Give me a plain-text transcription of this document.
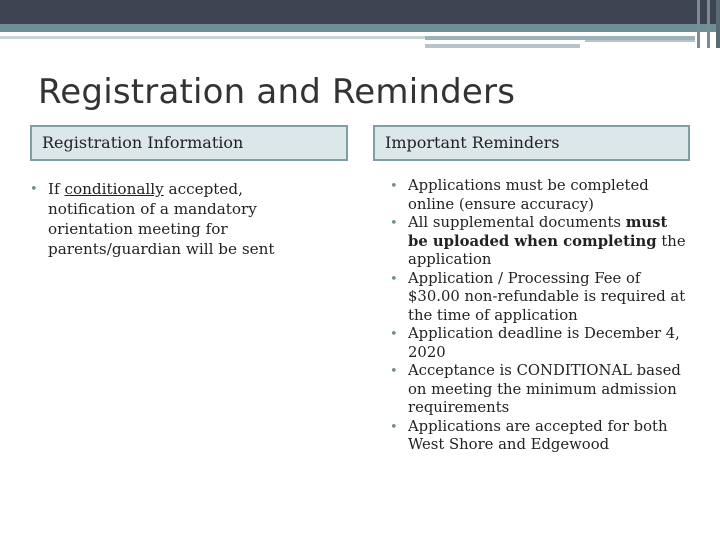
Registration and Reminders
Registration Information	Important Reminders
• If conditionally accepted, notification of a mandatory orientation meeting for parents/guardian will be sent
• Applications must be completed online (ensure accuracy)
• All supplemental documents must be uploaded when completing the application
• Application / Processing Fee of $30.00 non-refundable is required at the time of application
• Application deadline is December 4, 2020
• Acceptance is CONDITIONAL based on meeting the minimum admission requirements
• Applications are accepted for both West Shore and Edgewood
